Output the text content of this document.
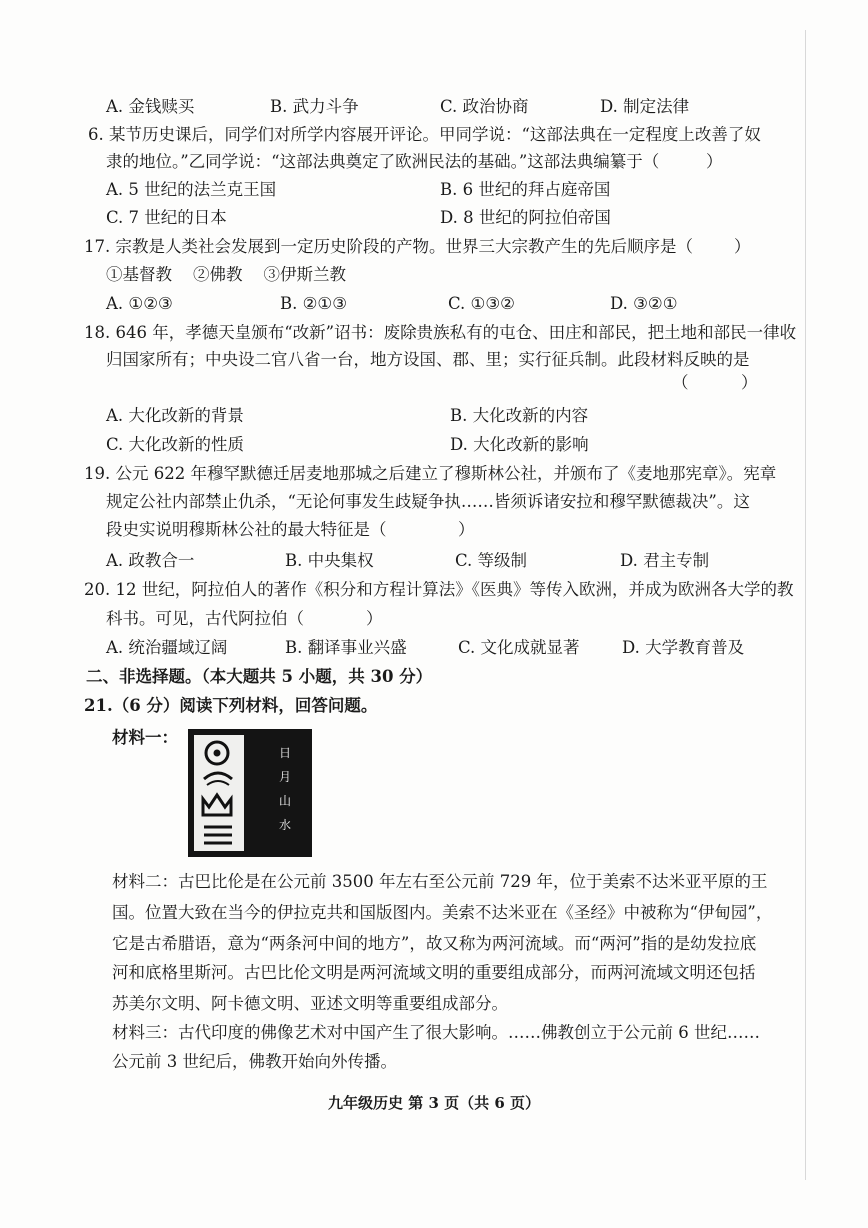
A. 金钱赎买	B. 武力斗争	C. 政治协商	D. 制定法律
6. 某节历史课后，同学们对所学内容展开评论。甲同学说：“这部法典在一定程度上改善了奴
隶的地位。”乙同学说：“这部法典奠定了欧洲民法的基础。”这部法典编纂于（	）
A. 5 世纪的法兰克王国	B. 6 世纪的拜占庭帝国
C. 7 世纪的日本	D. 8 世纪的阿拉伯帝国
17. 宗教是人类社会发展到一定历史阶段的产物。世界三大宗教产生的先后顺序是（ ）
①基督教    ②佛教    ③伊斯兰教
A. ①②③	B. ②①③	C. ①③②	D. ③②①
18. 646 年，孝德天皇颁布“改新”诏书：废除贵族私有的屯仓、田庄和部民，把土地和部民一律收
归国家所有；中央设二官八省一台，地方设国、郡、里；实行征兵制。此段材料反映的是
（          ）
A. 大化改新的背景	B. 大化改新的内容
C. 大化改新的性质	D. 大化改新的影响
19. 公元 622 年穆罕默德迁居麦地那城之后建立了穆斯林公社，并颁布了《麦地那宪章》。宪章
规定公社内部禁止仇杀，“无论何事发生歧疑争执……皆须诉诸安拉和穆罕默德裁决”。这
段史实说明穆斯林公社的最大特征是（	）
A. 政教合一	B. 中央集权	C. 等级制	D. 君主专制
20. 12 世纪，阿拉伯人的著作《积分和方程计算法》《医典》等传入欧洲，并成为欧洲各大学的教
科书。可见，古代阿拉伯（	）
A. 统治疆域辽阔	B. 翻译事业兴盛	C. 文化成就显著	D. 大学教育普及
二、非选择题。（本大题共 5 小题，共 30 分）
21.（6 分）阅读下列材料，回答问题。
材料一：
日
月
山
水
材料二：古巴比伦是在公元前 3500 年左右至公元前 729 年，位于美索不达米亚平原的王
国。位置大致在当今的伊拉克共和国版图内。美索不达米亚在《圣经》中被称为“伊甸园”，
它是古希腊语，意为“两条河中间的地方”，故又称为两河流域。而“两河”指的是幼发拉底
河和底格里斯河。古巴比伦文明是两河流域文明的重要组成部分，而两河流域文明还包括
苏美尔文明、阿卡德文明、亚述文明等重要组成部分。
材料三：古代印度的佛像艺术对中国产生了很大影响。……佛教创立于公元前 6 世纪……
公元前 3 世纪后，佛教开始向外传播。
九年级历史 第 3 页（共 6 页）
